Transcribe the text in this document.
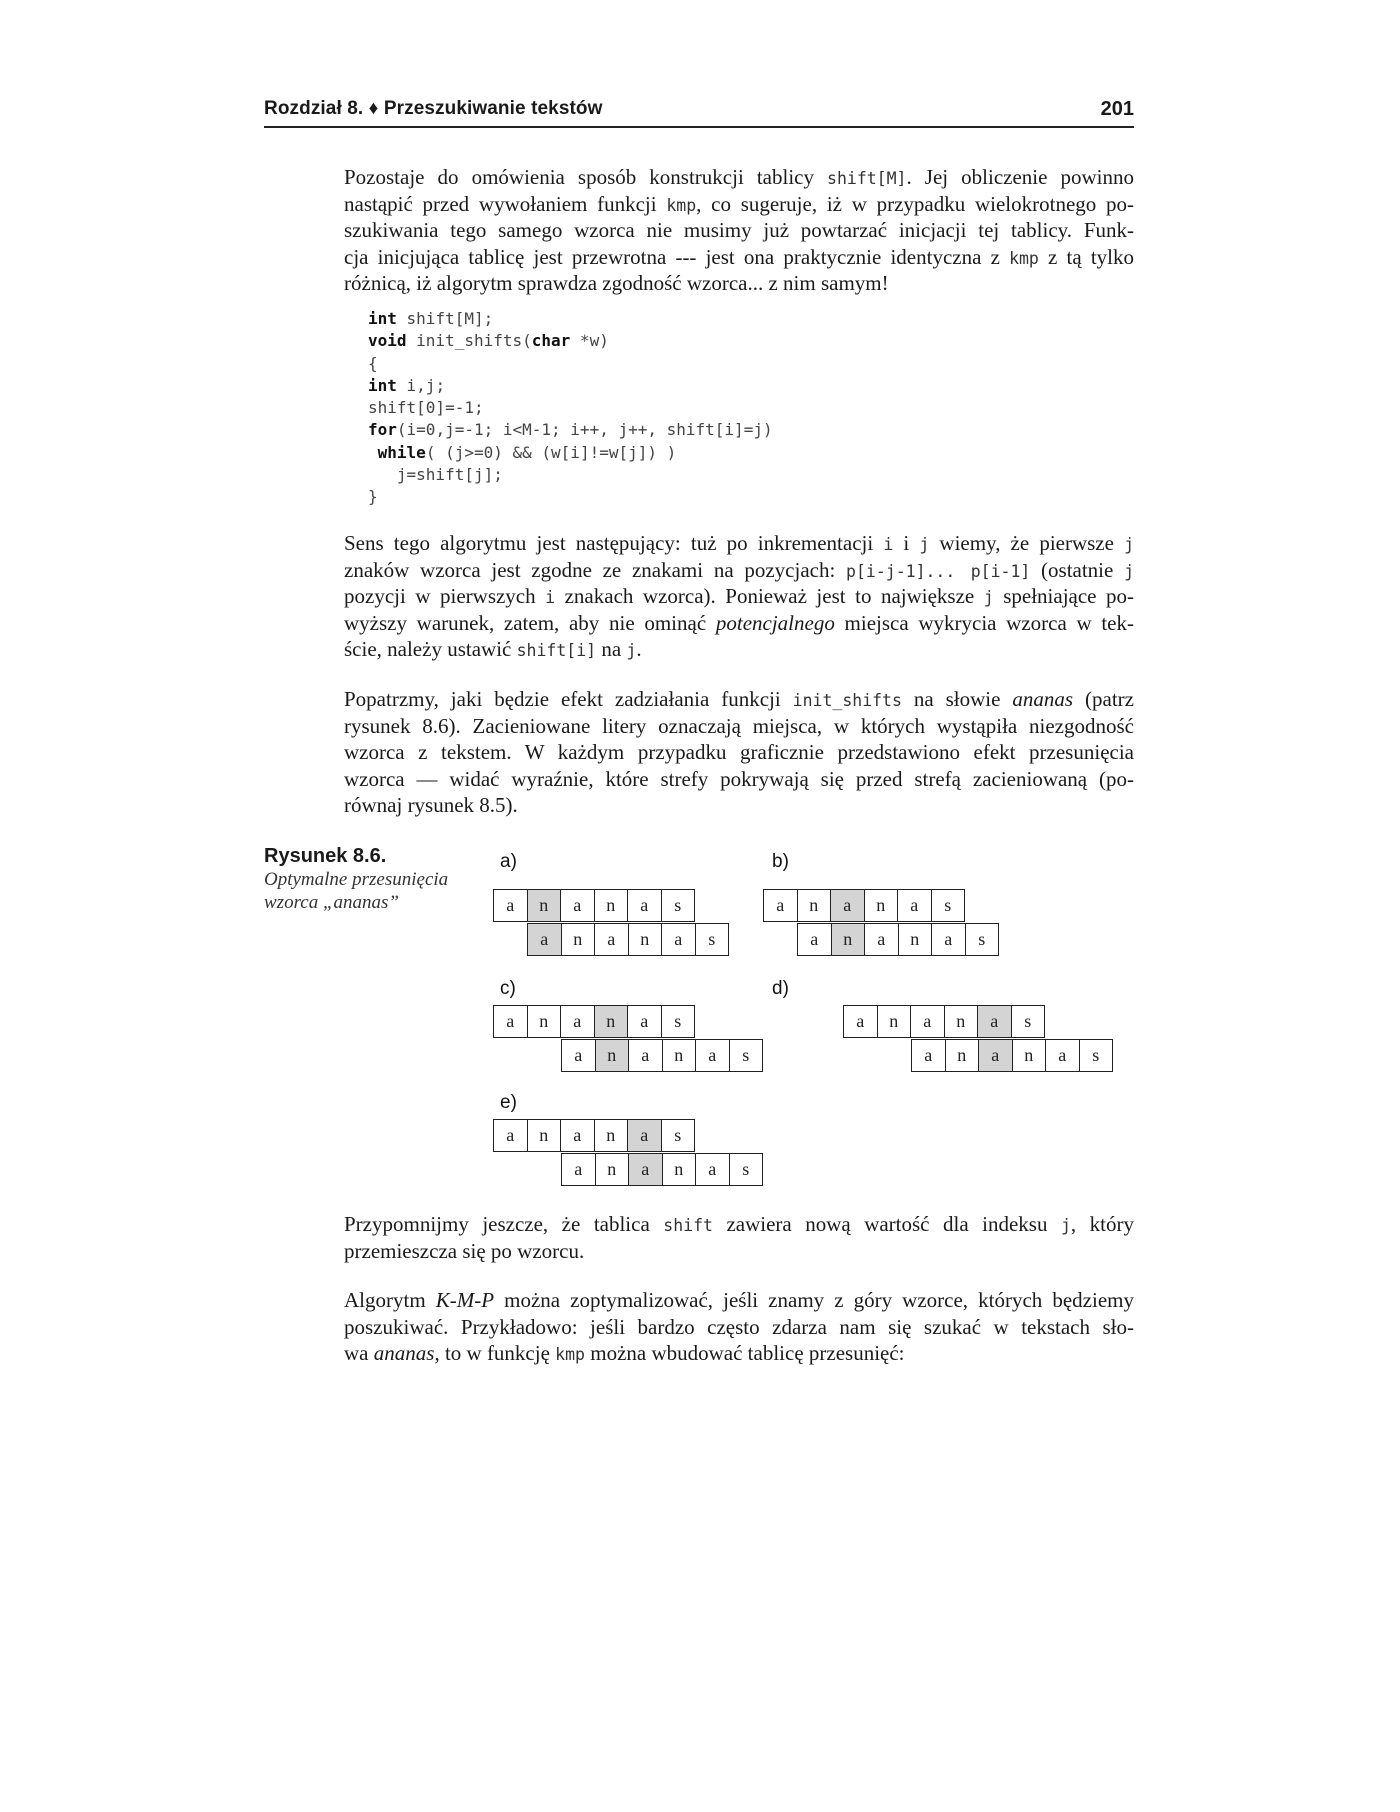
Rozdział 8. ♦ Przeszukiwanie tekstów	201
Pozostaje do omówienia sposób konstrukcji tablicy shift[M]. Jej obliczenie powinno
nastąpić przed wywołaniem funkcji kmp, co sugeruje, iż w przypadku wielokrotnego po-
szukiwania tego samego wzorca nie musimy już powtarzać inicjacji tej tablicy. Funk-
cja inicjująca tablicę jest przewrotna --- jest ona praktycznie identyczna z kmp z tą tylko
różnicą, iż algorytm sprawdza zgodność wzorca... z nim samym!
int shift[M];
void init_shifts(char *w)
{
int i,j;
shift[0]=-1;
for(i=0,j=-1; i<M-1; i++, j++, shift[i]=j)
while( (j>=0) && (w[i]!=w[j]) )
j=shift[j];
}
Sens tego algorytmu jest następujący: tuż po inkrementacji i i j wiemy, że pierwsze j
znaków wzorca jest zgodne ze znakami na pozycjach: p[i-j-1]... p[i-1] (ostatnie j
pozycji w pierwszych i znakach wzorca). Ponieważ jest to największe j spełniające po-
wyższy warunek, zatem, aby nie ominąć potencjalnego miejsca wykrycia wzorca w tek-
ście, należy ustawić shift[i] na j.
Popatrzmy, jaki będzie efekt zadziałania funkcji init_shifts na słowie ananas (patrz
rysunek 8.6). Zacieniowane litery oznaczają miejsca, w których wystąpiła niezgodność
wzorca z tekstem. W każdym przypadku graficznie przedstawiono efekt przesunięcia
wzorca — widać wyraźnie, które strefy pokrywają się przed strefą zacieniowaną (po-
równaj rysunek 8.5).
Rysunek 8.6.
Optymalne przesunięcia
wzorca „ananas”
a)
a	n	a	n	a	s
a	n	a	n	a	s
b)
a	n	a	n	a	s
a	n	a	n	a	s
c)
a	n	a	n	a	s
a	n	a	n	a	s
d)
a	n	a	n	a	s
a	n	a	n	a	s
e)
a	n	a	n	a	s
a	n	a	n	a	s
Przypomnijmy jeszcze, że tablica shift zawiera nową wartość dla indeksu j, który
przemieszcza się po wzorcu.
Algorytm K-M-P można zoptymalizować, jeśli znamy z góry wzorce, których będziemy
poszukiwać. Przykładowo: jeśli bardzo często zdarza nam się szukać w tekstach sło-
wa ananas, to w funkcję kmp można wbudować tablicę przesunięć:
